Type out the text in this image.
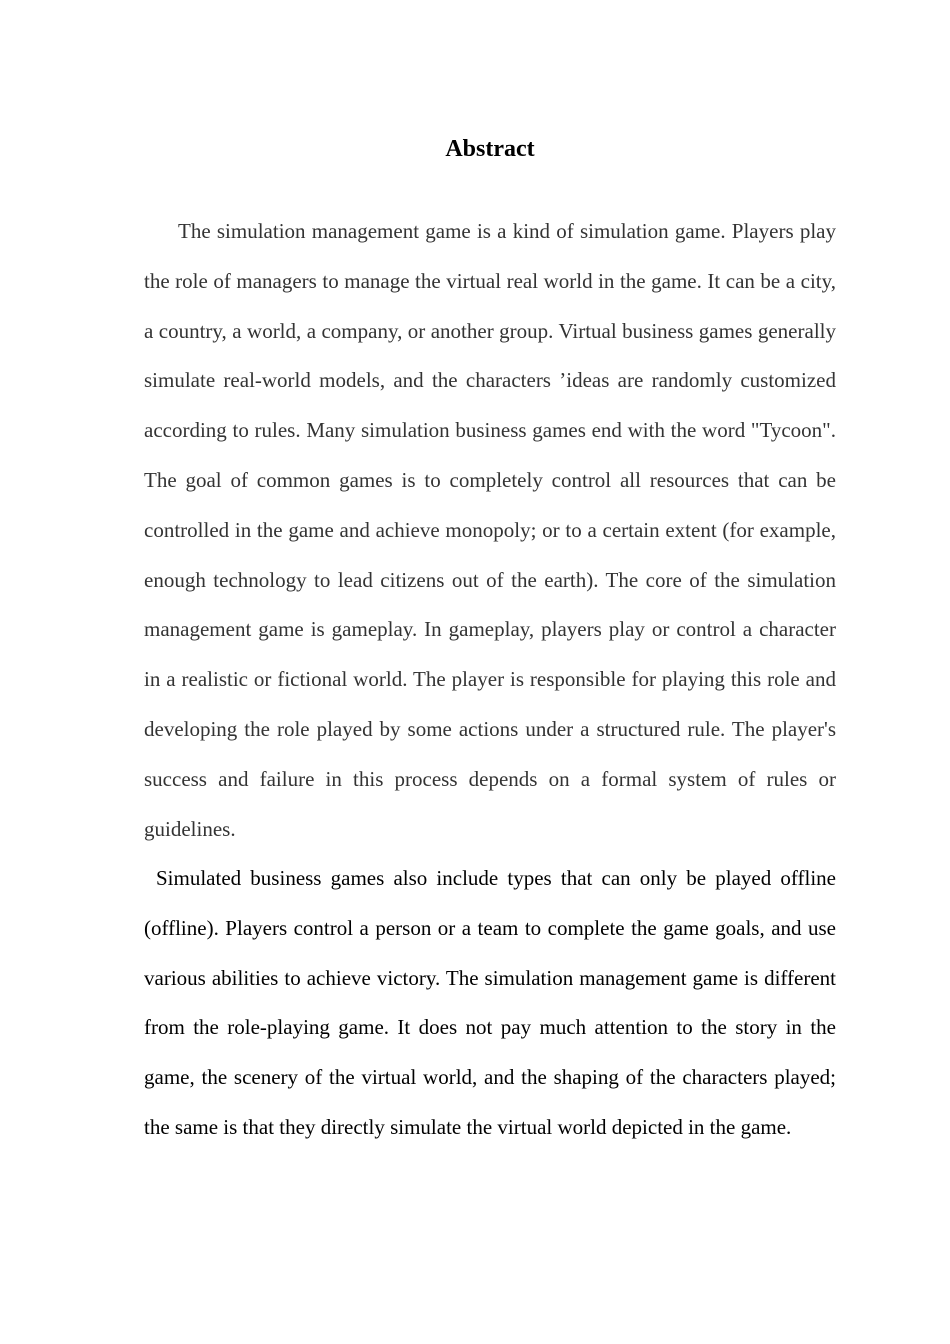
Abstract

The simulation management game is a kind of simulation game. Players play the role of managers to manage the virtual real world in the game. It can be a city, a country, a world, a company, or another group. Virtual business games generally simulate real-world models, and the characters ’ideas are randomly customized according to rules. Many simulation business games end with the word "Tycoon". The goal of common games is to completely control all resources that can be controlled in the game and achieve monopoly; or to a certain extent (for example, enough technology to lead citizens out of the earth). The core of the simulation management game is gameplay. In gameplay, players play or control a character in a realistic or fictional world. The player is responsible for playing this role and developing the role played by some actions under a structured rule. The player's success and failure in this process depends on a formal system of rules or guidelines.

Simulated business games also include types that can only be played offline (offline). Players control a person or a team to complete the game goals, and use various abilities to achieve victory. The simulation management game is different from the role-playing game. It does not pay much attention to the story in the game, the scenery of the virtual world, and the shaping of the characters played; the same is that they directly simulate the virtual world depicted in the game.
